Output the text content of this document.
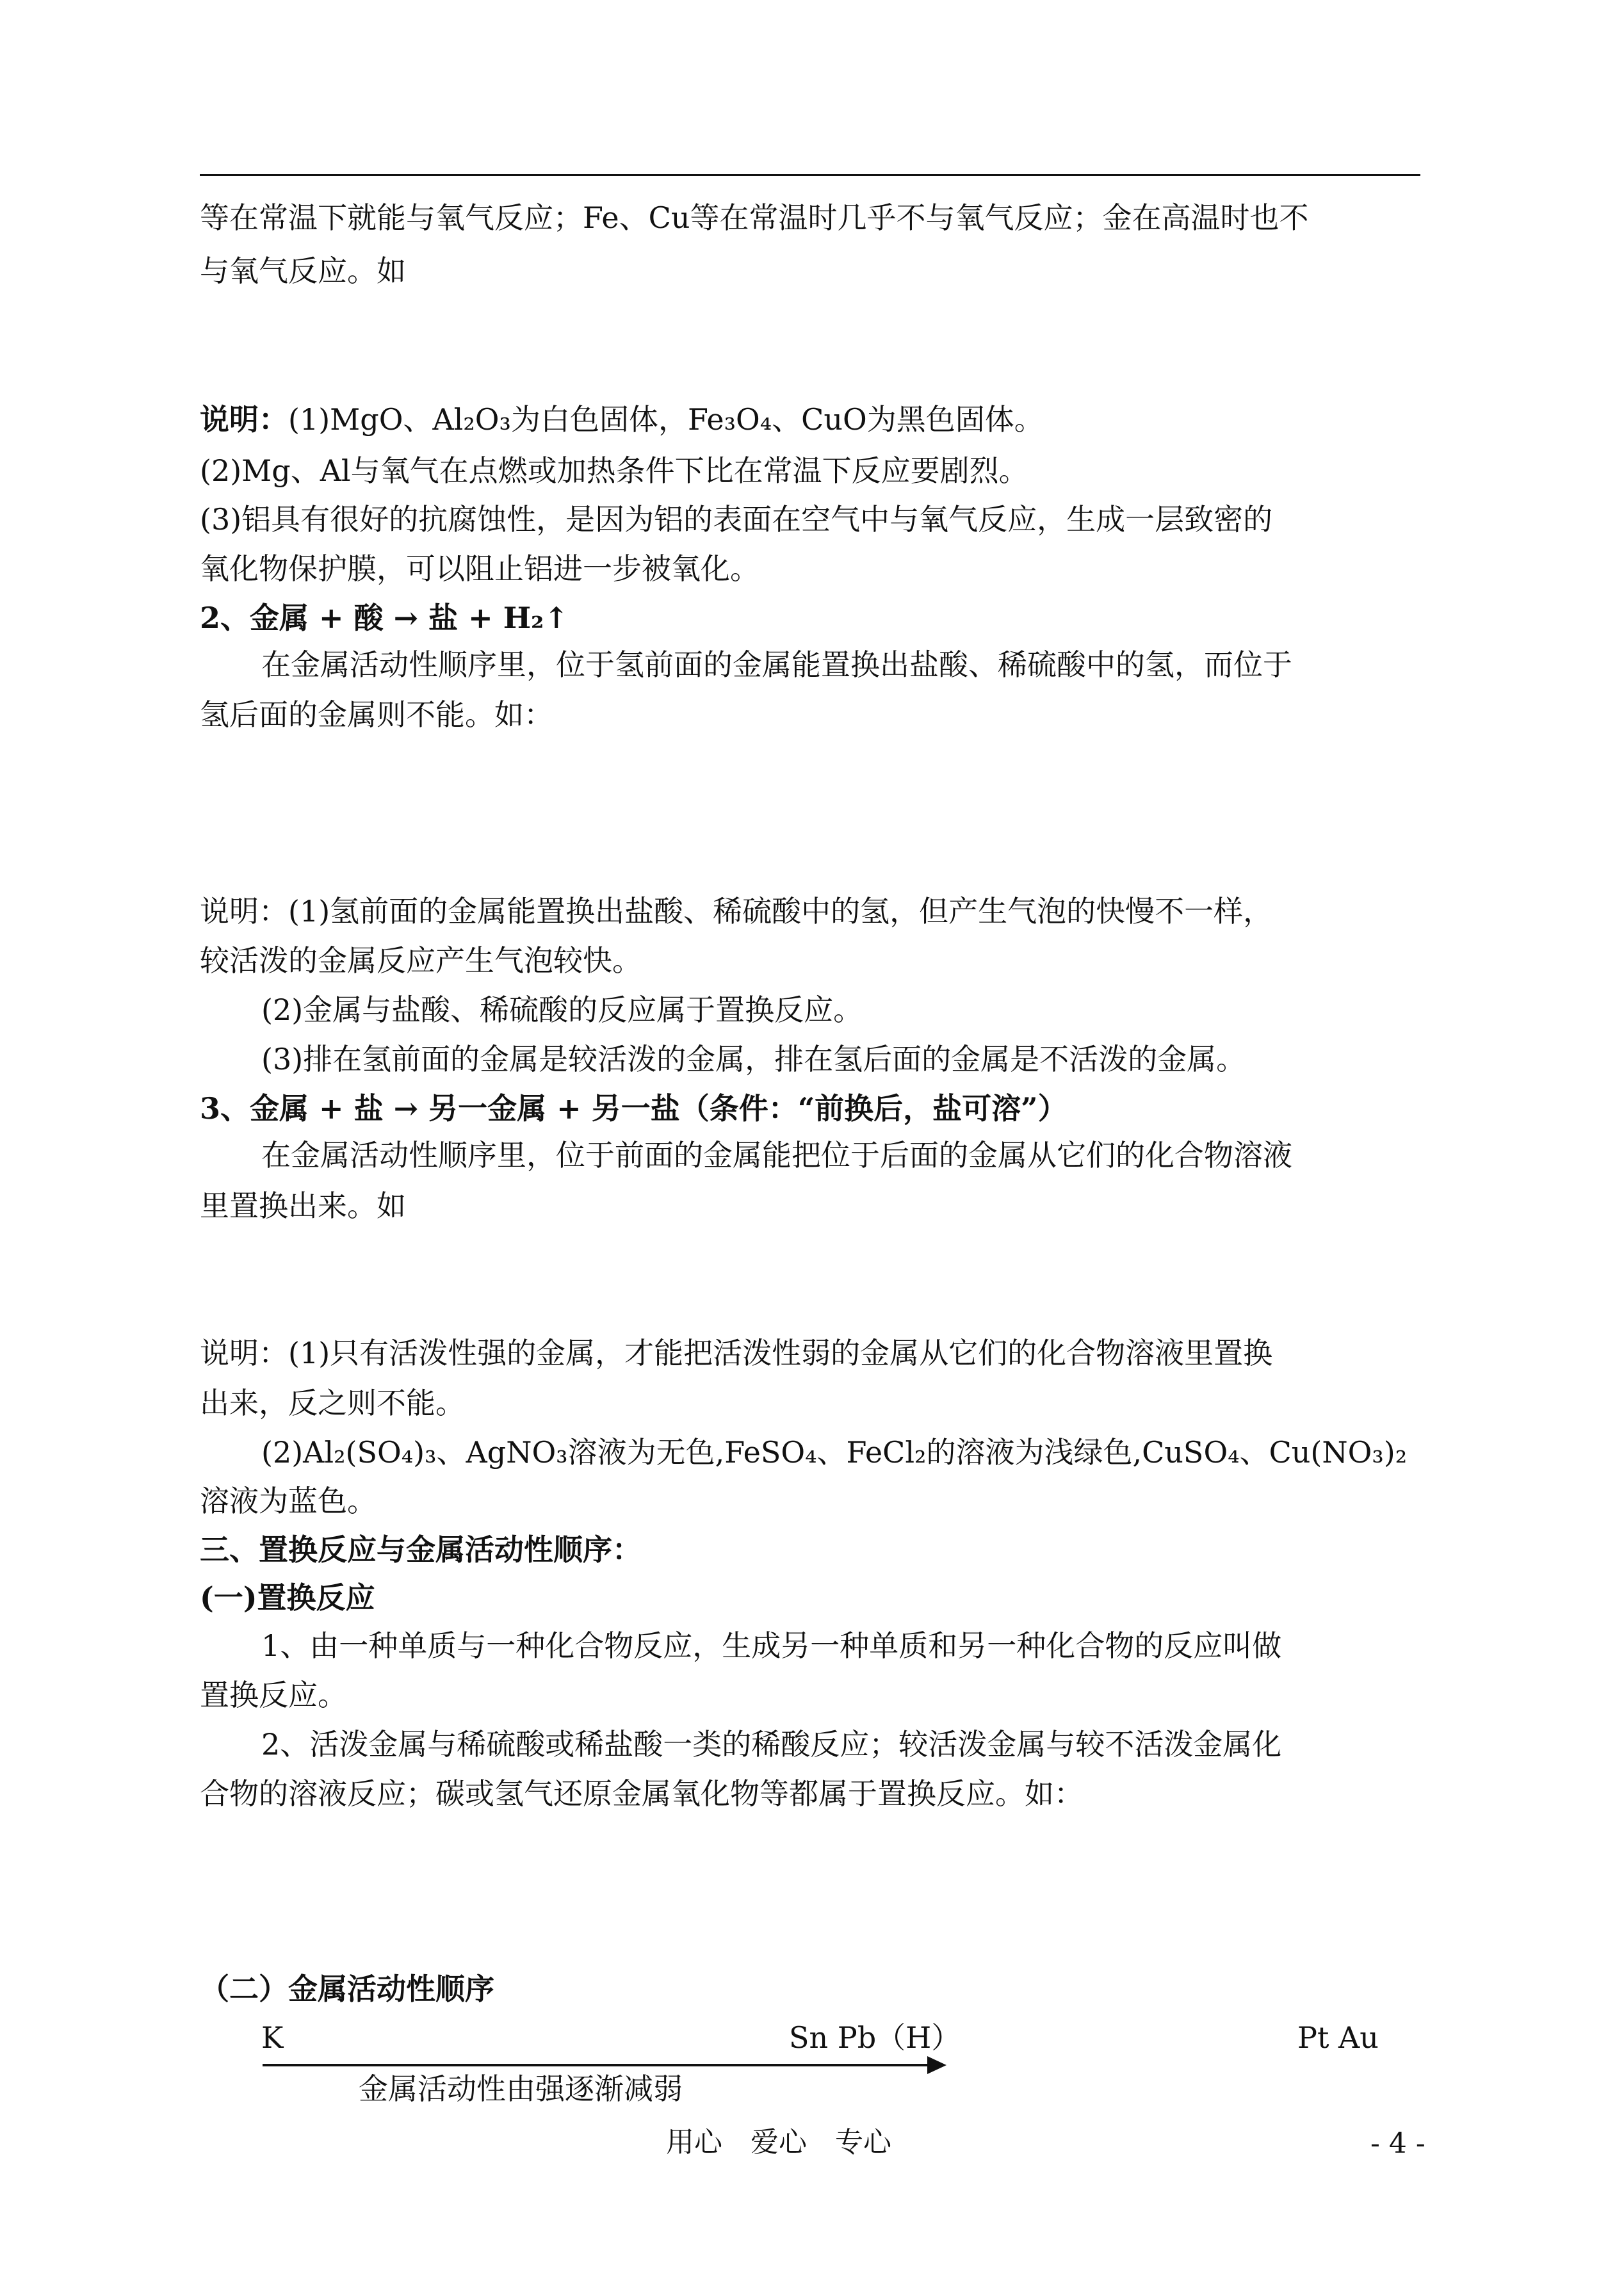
等在常温下就能与氧气反应；Fe、Cu等在常温时几乎不与氧气反应；金在高温时也不
与氧气反应。如
说明：(1)MgO、Al₂O₃为白色固体，Fe₃O₄、CuO为黑色固体。
(2)Mg、Al与氧气在点燃或加热条件下比在常温下反应要剧烈。
(3)铝具有很好的抗腐蚀性，是因为铝的表面在空气中与氧气反应，生成一层致密的
氧化物保护膜，可以阻止铝进一步被氧化。
2、金属 + 酸 → 盐 + H₂↑
在金属活动性顺序里，位于氢前面的金属能置换出盐酸、稀硫酸中的氢，而位于
氢后面的金属则不能。如：
说明：(1)氢前面的金属能置换出盐酸、稀硫酸中的氢，但产生气泡的快慢不一样，
较活泼的金属反应产生气泡较快。
(2)金属与盐酸、稀硫酸的反应属于置换反应。
(3)排在氢前面的金属是较活泼的金属，排在氢后面的金属是不活泼的金属。
3、金属 + 盐 → 另一金属 + 另一盐（条件：“前换后，盐可溶”）
在金属活动性顺序里，位于前面的金属能把位于后面的金属从它们的化合物溶液
里置换出来。如
说明：(1)只有活泼性强的金属，才能把活泼性弱的金属从它们的化合物溶液里置换
出来，反之则不能。
(2)Al₂(SO₄)₃、AgNO₃溶液为无色,FeSO₄、FeCl₂的溶液为浅绿色,CuSO₄、Cu(NO₃)₂
溶液为蓝色。
三、置换反应与金属活动性顺序：
(一)置换反应
1、由一种单质与一种化合物反应，生成另一种单质和另一种化合物的反应叫做
置换反应。
2、活泼金属与稀硫酸或稀盐酸一类的稀酸反应；较活泼金属与较不活泼金属化
合物的溶液反应；碳或氢气还原金属氧化物等都属于置换反应。如：
（二）金属活动性顺序
K	Sn Pb（H）	Pt Au
金属活动性由强逐渐减弱
用心　爱心　专心	- 4 -
